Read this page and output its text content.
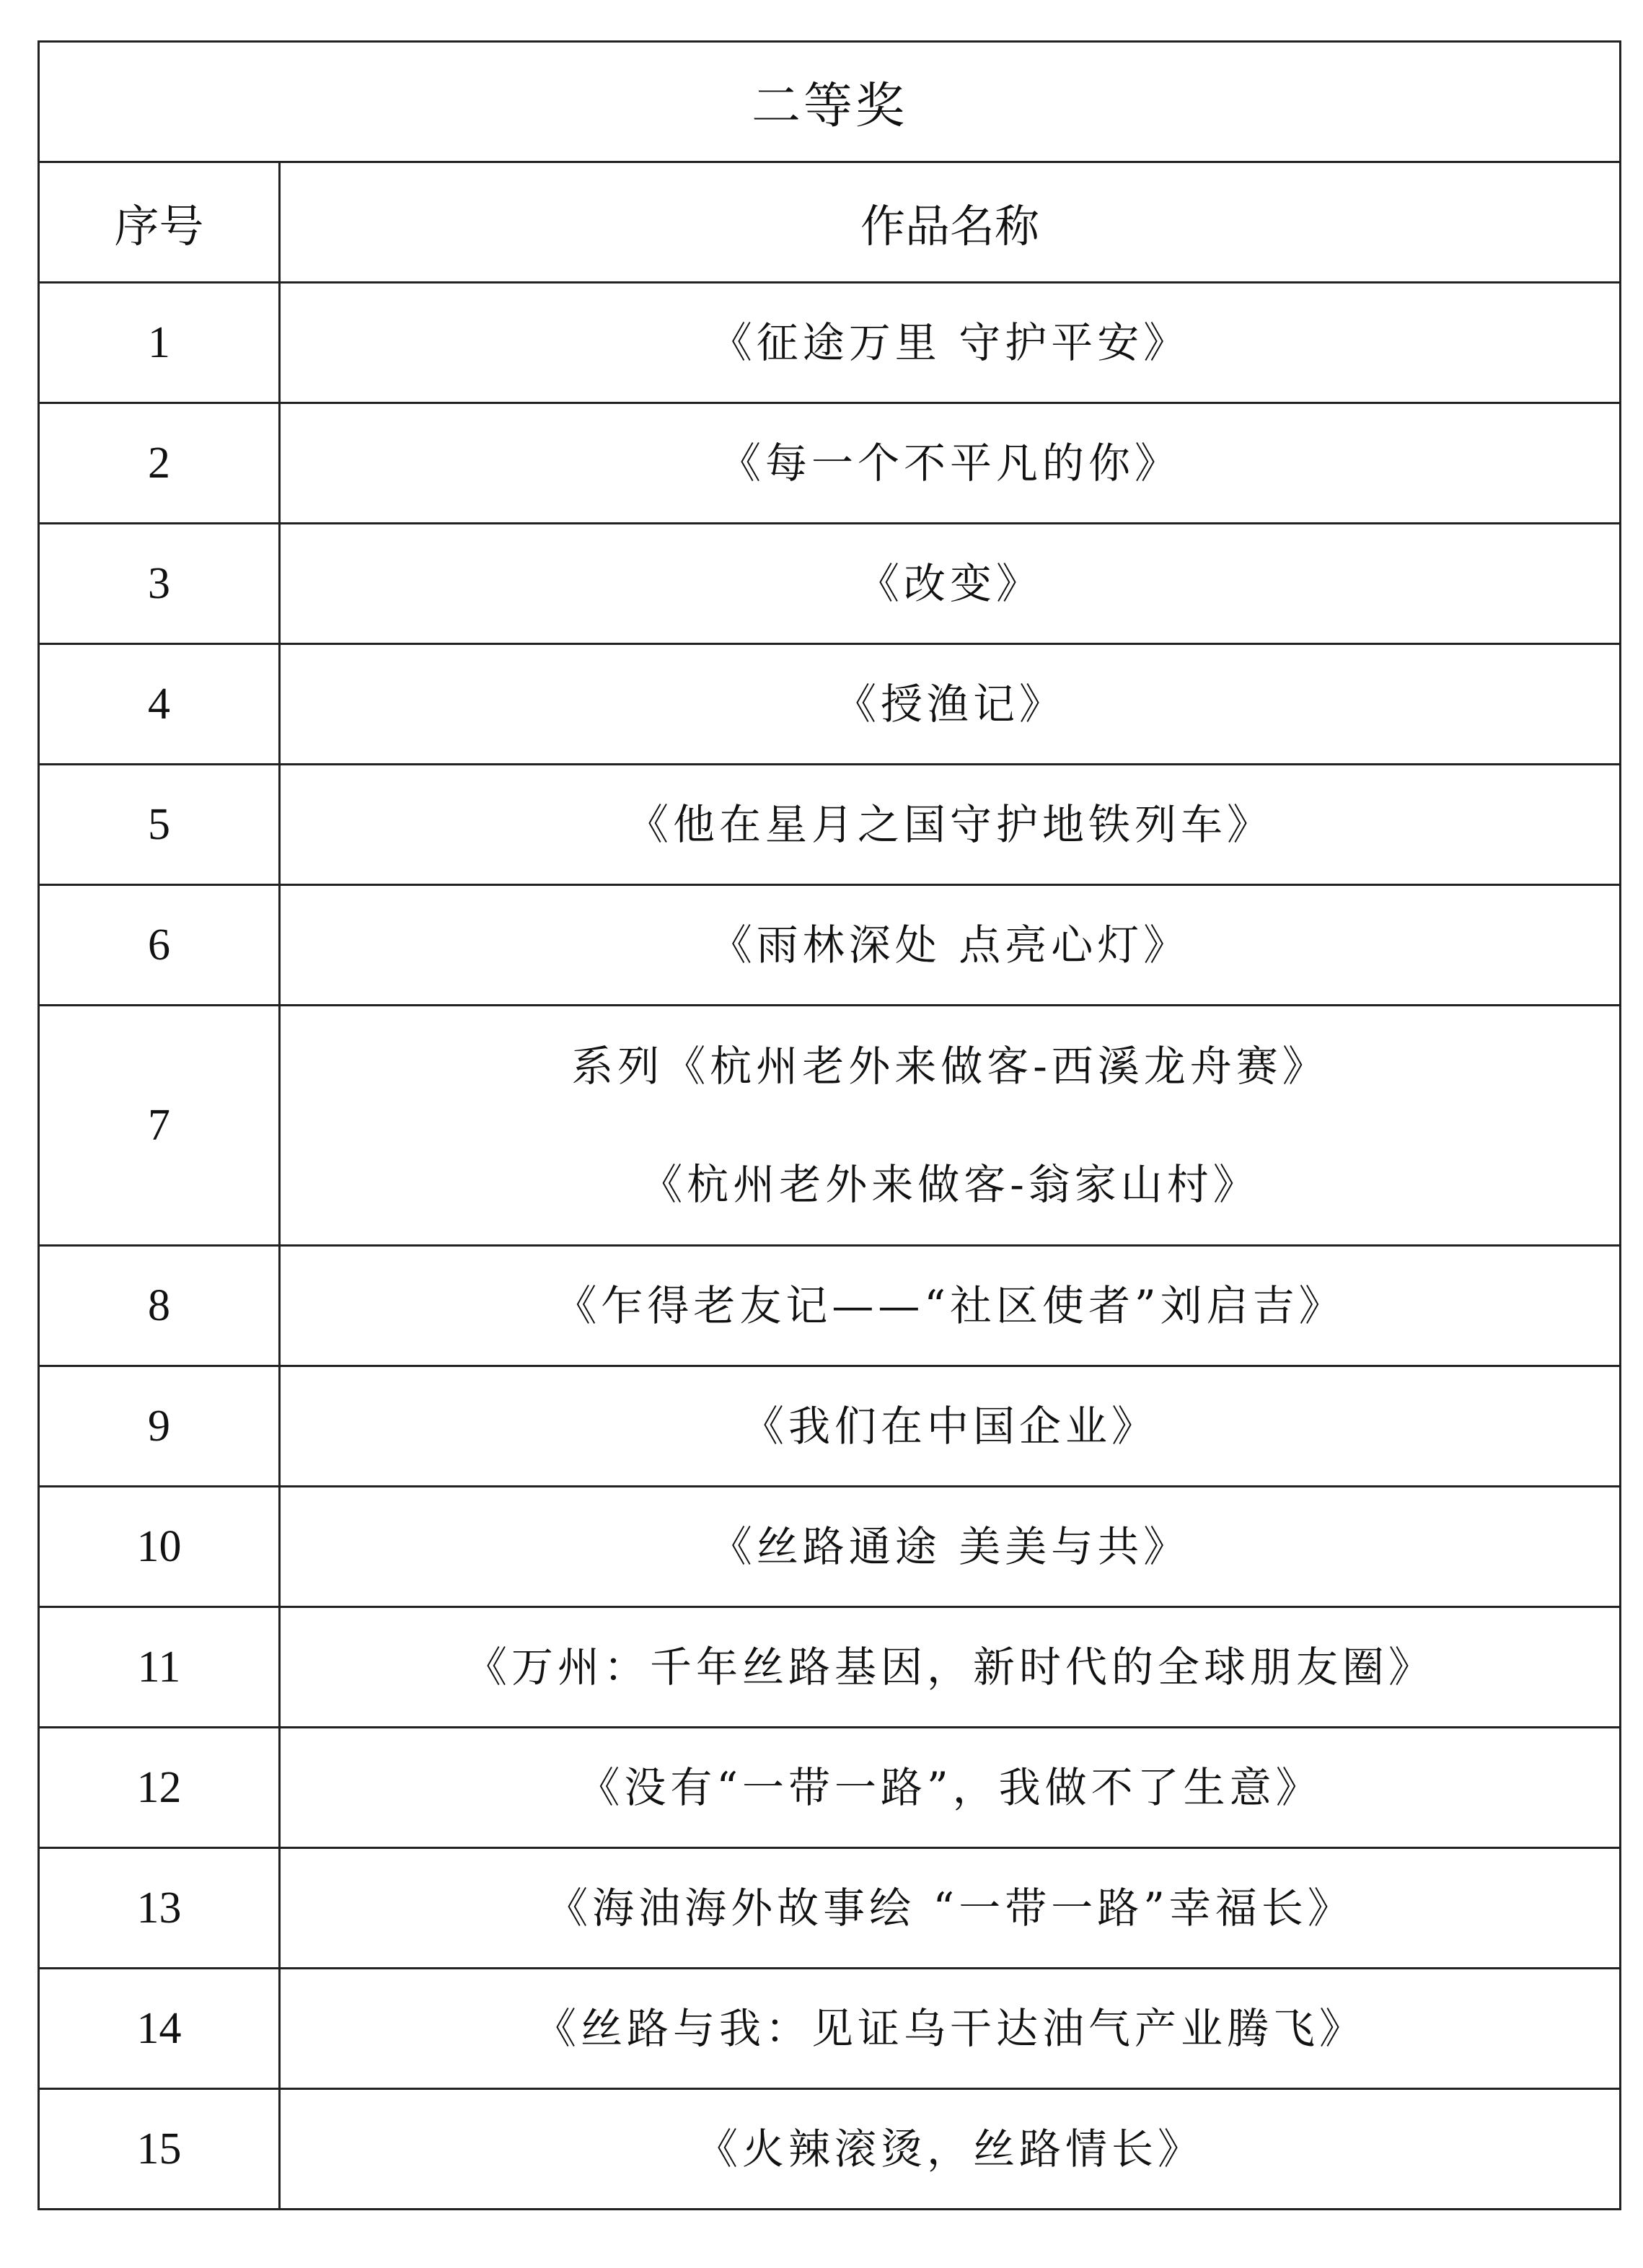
二等奖	
序号	作品名称
1	《征途万里 守护平安》

2	《每一个不平凡的你》

3	《改变》

4	《授渔记》

5	《他在星月之国守护地铁列车》

6	《雨林深处 点亮心灯》

7	系列《杭州老外来做客-西溪龙舟赛》
《杭州老外来做客-翁家山村》

8	《乍得老友记——“社区使者”刘启吉》

9	《我们在中国企业》

10	《丝路通途 美美与共》

11	《万州：千年丝路基因，新时代的全球朋友圈》

12	《没有“一带一路”，我做不了生意》

13	《海油海外故事绘 “一带一路”幸福长》

14	《丝路与我：见证乌干达油气产业腾飞》

15	《火辣滚烫，丝路情长》
